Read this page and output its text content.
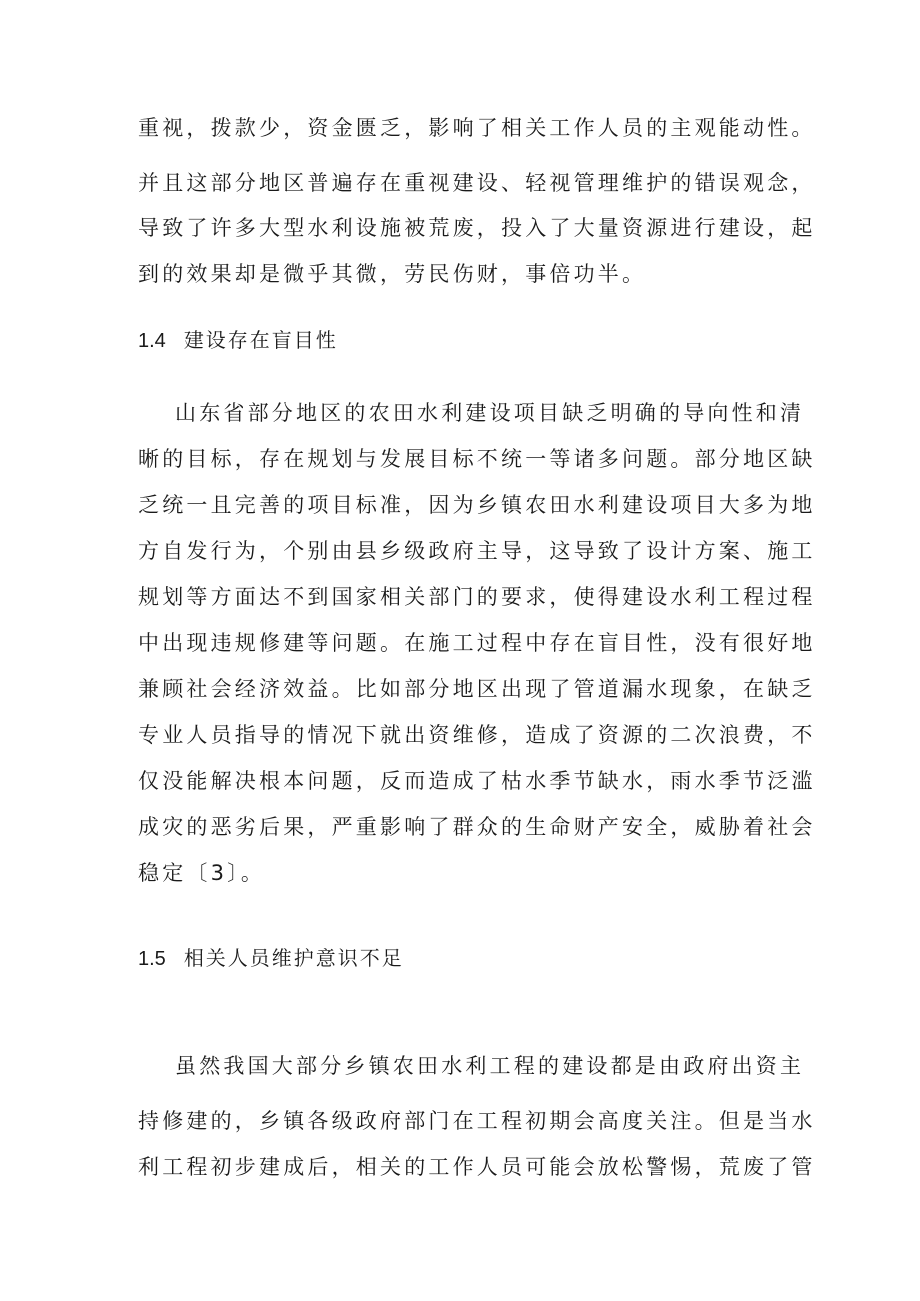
重视，拨款少，资金匮乏，影响了相关工作人员的主观能动性。
并且这部分地区普遍存在重视建设、轻视管理维护的错误观念，
导致了许多大型水利设施被荒废，投入了大量资源进行建设，起
到的效果却是微乎其微，劳民伤财，事倍功半。
1.4 建设存在盲目性
山东省部分地区的农田水利建设项目缺乏明确的导向性和清
晰的目标，存在规划与发展目标不统一等诸多问题。部分地区缺
乏统一且完善的项目标准，因为乡镇农田水利建设项目大多为地
方自发行为，个别由县乡级政府主导，这导致了设计方案、施工
规划等方面达不到国家相关部门的要求，使得建设水利工程过程
中出现违规修建等问题。在施工过程中存在盲目性，没有很好地
兼顾社会经济效益。比如部分地区出现了管道漏水现象，在缺乏
专业人员指导的情况下就出资维修，造成了资源的二次浪费，不
仅没能解决根本问题，反而造成了枯水季节缺水，雨水季节泛滥
成灾的恶劣后果，严重影响了群众的生命财产安全，威胁着社会
稳定〔3〕。
1.5 相关人员维护意识不足
虽然我国大部分乡镇农田水利工程的建设都是由政府出资主
持修建的，乡镇各级政府部门在工程初期会高度关注。但是当水
利工程初步建成后，相关的工作人员可能会放松警惕，荒废了管
